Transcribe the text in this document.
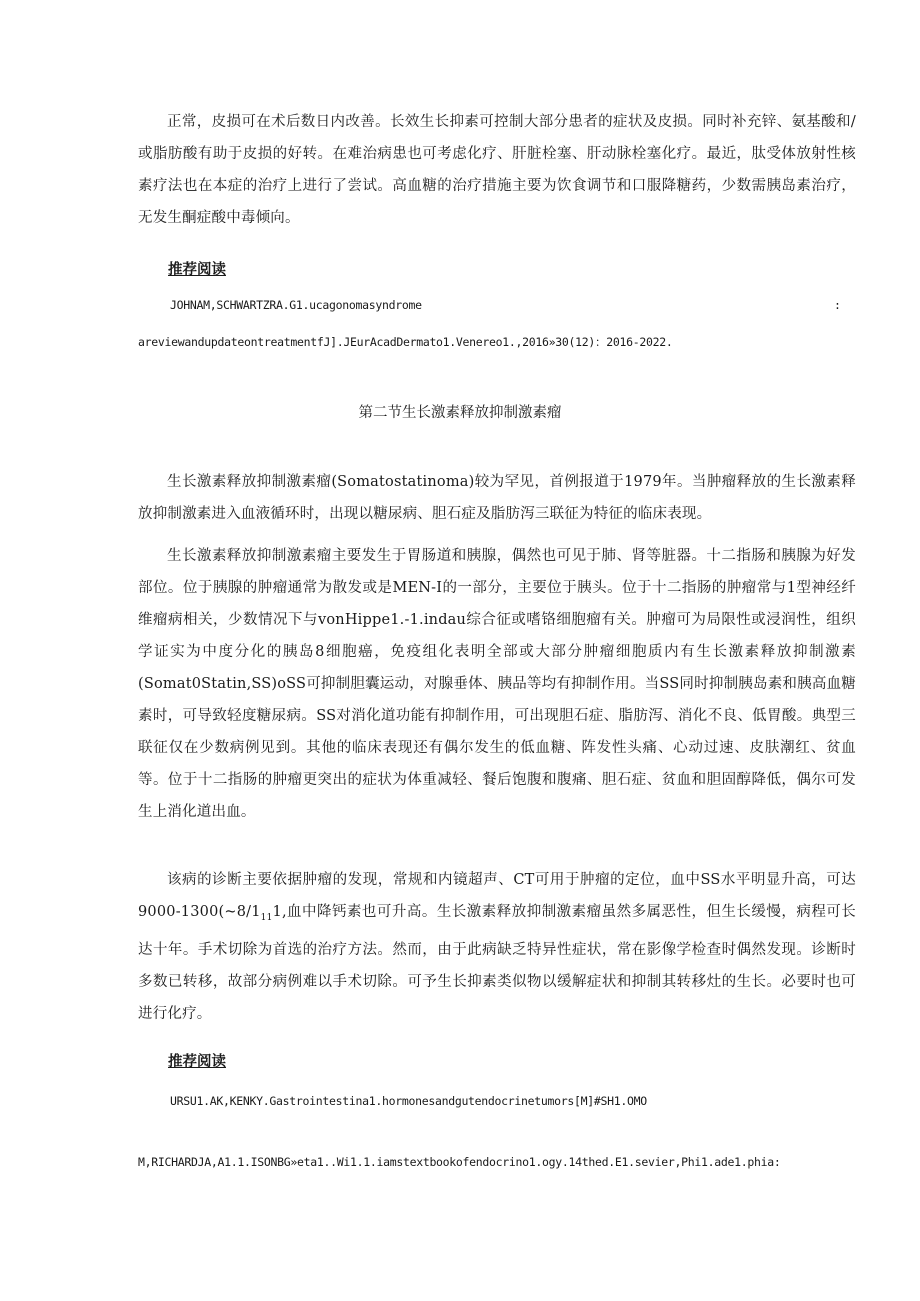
正常，皮损可在术后数日内改善。长效生长抑素可控制大部分患者的症状及皮损。同时补充锌、氨基酸和/或脂肪酸有助于皮损的好转。在难治病患也可考虑化疗、肝脏栓塞、肝动脉栓塞化疗。最近，肽受体放射性核素疗法也在本症的治疗上进行了尝试。高血糖的治疗措施主要为饮食调节和口服降糖药，少数需胰岛素治疗，无发生酮症酸中毒倾向。

推荐阅读

JOHNAM,SCHWARTZRA.G1.ucagonomasyndrome	:

areviewandupdateontreatmentfJ].JEurAcadDermato1.Venereo1.,2016»30(12)：2016-2022.

第二节生长激素释放抑制激素瘤

生长激素释放抑制激素瘤(Somatostatinoma)较为罕见，首例报道于1979年。当肿瘤释放的生长激素释放抑制激素进入血液循环时，出现以糖尿病、胆石症及脂肪泻三联征为特征的临床表现。

生长激素释放抑制激素瘤主要发生于胃肠道和胰腺，偶然也可见于肺、肾等脏器。十二指肠和胰腺为好发部位。位于胰腺的肿瘤通常为散发或是MEN-I的一部分，主要位于胰头。位于十二指肠的肿瘤常与1型神经纤维瘤病相关，少数情况下与vonHippe1.-1.indau综合征或嗜铬细胞瘤有关。肿瘤可为局限性或浸润性，组织学证实为中度分化的胰岛8细胞癌，免疫组化表明全部或大部分肿瘤细胞质内有生长激素释放抑制激素(Somat0Statin,SS)oSS可抑制胆囊运动，对腺垂体、胰品等均有抑制作用。当SS同时抑制胰岛素和胰高血糖素时，可导致轻度糖尿病。SS对消化道功能有抑制作用，可出现胆石症、脂肪泻、消化不良、低胃酸。典型三联征仅在少数病例见到。其他的临床表现还有偶尔发生的低血糖、阵发性头痛、心动过速、皮肤潮红、贫血等。位于十二指肠的肿瘤更突出的症状为体重减轻、餐后饱腹和腹痛、胆石症、贫血和胆固醇降低，偶尔可发生上消化道出血。

该病的诊断主要依据肿瘤的发现，常规和内镜超声、CT可用于肿瘤的定位，血中SS水平明显升高，可达$9000-1300(\sim 8/1_{11}1$,血中降钙素也可升高。生长激素释放抑制激素瘤虽然多属恶性，但生长缓慢，病程可长达十年。手术切除为首选的治疗方法。然而，由于此病缺乏特异性症状，常在影像学检查时偶然发现。诊断时多数已转移，故部分病例难以手术切除。可予生长抑素类似物以缓解症状和抑制其转移灶的生长。必要时也可进行化疗。

推荐阅读

URSU1.AK,KENKY.Gastrointestina1.hormonesandgutendocrinetumors[M]#SH1.OMO

M,RICHARDJA,A1.1.ISONBG»eta1..Wi1.1.iamstextbookofendocrino1.ogy.14thed.E1.sevier,Phi1.ade1.phia:
